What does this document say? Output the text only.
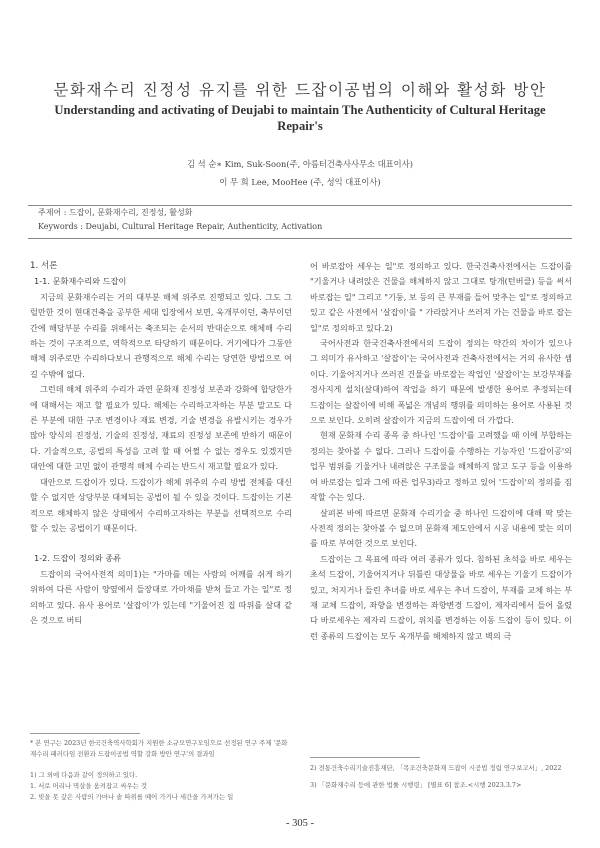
문화재수리 진정성 유지를 위한 드잡이공법의 이해와 활성화 방안
Understanding and activating of Deujabi to maintain The Authenticity of Cultural Heritage Repair's
김 석 순∗ Kim, Suk-Soon(주, 아름터건축사사무소 대표이사)
이 무 희 Lee, MooHee (주, 성익 대표이사)
주제어 : 드잡이, 문화재수리, 진정성, 활성화
Keywords : Deujabi, Cultural Heritage Repair, Authenticity, Activation

1. 서론

1-1. 문화재수리와 드잡이

지금의 문화재수리는 거의 대부분 해체 위주로 진행되고 있다. 그도 그럴만한 것이 현대건축을 공부한 세대 입장에서 보면, 욱개부이던, 축부이던 간에 해당부분 수리를 위해서는 축조되는 순서의 반대순으로 해체해 수리하는 것이 구조적으로, 역학적으로 타당하기 때문이다. 거기에다가 그동안 해체 위주로만 수리하다보니 관행적으로 해체 수리는 당연한 방법으로 여길 수밖에 없다.

그런데 해체 위주의 수리가 과연 문화재 진정성 보존과 강화에 합당한가에 대해서는 재고 할 필요가 있다. 해체는 수리하고자하는 부분 말고도 다른 부분에 대한 구조 변경이나 재료 변경, 기술 변경을 유발시키는 경우가 많아 양식의 진정성, 기술의 진정성, 재료의 진정성 보존에 반하기 때문이다. 기술적으로, 공법의 특성을 고려 할 때 어쩔 수 없는 경우도 있겠지만 대안에 대한 고민 없이 관행적 해체 수리는 반드시 재고할 필요가 있다.

대안으로 드잡이가 있다. 드잡이가 해체 위주의 수리 방법 전체를 대신할 수 없지만 상당부분 대체되는 공법이 될 수 있을 것이다. 드잡이는 기본적으로 해체하지 않은 상태에서 수리하고자하는 부분을 선택적으로 수리 할 수 있는 공법이기 때문이다.

1-2. 드잡이 정의와 종류

드잡이의 국어사전적 의미1)는 "가마를 메는 사람의 어깨를 쉬게 하기 위하여 다른 사람이 양옆에서 들장대로 가마채를 받쳐 들고 가는 일"로 정의하고 있다. 유사 용어로 '살잡이'가 있는데 "기울어진 집 따위를 살대 같은 것으로 버티

어 바로잡아 세우는 일"로 정의하고 있다. 한국건축사전에서는 드잡이를 "기울거나 내려앉은 건물을 해체하지 않고 그대로 탕개(턴버클) 등을 써서 바로잡는 일" 그리고 "기둥, 보 등의 큰 부재를 들어 맞추는 일"로 정의하고 있고 같은 사전에서 '살잡이'를 " 가라앉거나 쓰러져 가는 건물을 바로 잡는 일"로 정의하고 있다.2)

국어사전과 한국건축사전에서의 드잡이 정의는 약간의 차이가 있으나 그 의미가 유사하고 '살잡이'는 국어사전과 건축사전에서는 거의 유사한 셈이다. 기울어지거나 쓰러진 건물을 바로잡는 작업인 '살잡이'는 보강부재를 경사지게 설치(살대)하여 작업을 하기 때문에 발생한 용어로 추정되는데 드잡이는 살잡이에 비해 폭넓은 개념의 행위를 의미하는 용어로 사용된 것으로 보인다. 오히려 살잡이가 지금의 드잡이에 더 가깝다.

현재 문화재 수리 종목 중 하나인 '드잡이'를 고려했을 때 이에 부합하는 정의는 찾아볼 수 없다. 그러나 드잡이를 수행하는 기능자인 '드잡이공'의 업무 범위를 기울거나 내려앉은 구조물을 해체하지 않고 도구 등을 이용하여 바로잡는 일과 그에 따른 업무3)라고 정하고 있어 '드잡이'의 정의를 짐작할 수는 있다.

살펴본 바에 따르면 문화재 수리기술 중 하나인 드잡이에 대해 딱 맞는 사전적 정의는 찾아볼 수 없으며 문화재 제도안에서 시공 내용에 맞는 의미를 따로 부여한 것으로 보인다.

드잡이는 그 목표에 따라 여러 종류가 있다. 침하된 초석을 바로 세우는 초석 드잡이, 기울어지거나 뒤틀린 대상물을 바로 세우는 기울기 드잡이가 있고, 처지거나 들린 추녀를 바로 세우는 추녀 드잡이, 부재를 교체 하는 부재 교체 드잡이, 좌향을 변경하는 좌향변경 드잡이, 제자리에서 들어 올렸다 바로세우는 제자리 드잡이, 위치를 변경하는 이동 드잡이 등이 있다. 이런 종류의 드잡이는 모두 옥개부를 해체하지 않고 벽의 극

* 본 연구는 2023년 한국건축역사학회가 지원한 소규모연구모임으로 선정된 연구 주제 '문화재수리 패러다임 전환과 드잡이공법 역할 강화 방안 연구'의 결과임

1) 그 외에 다음과 같이 정의하고 있다.

1. 서로 머리나 멱살을 움켜잡고 싸우는 것

2. 빚을 못 갚은 사람의 가마나 솥 따위를 떼어 가거나 세간을 가져가는 일

2) 전통건축수리기술진흥재단, 「목조건축문화재 드잡이 시공법 정립 연구보고서」, 2022

3) 「문화재수리 등에 관한 법률 시행령」 [별표 6] 참조.<시행 2023.3.7>

- 305 -
